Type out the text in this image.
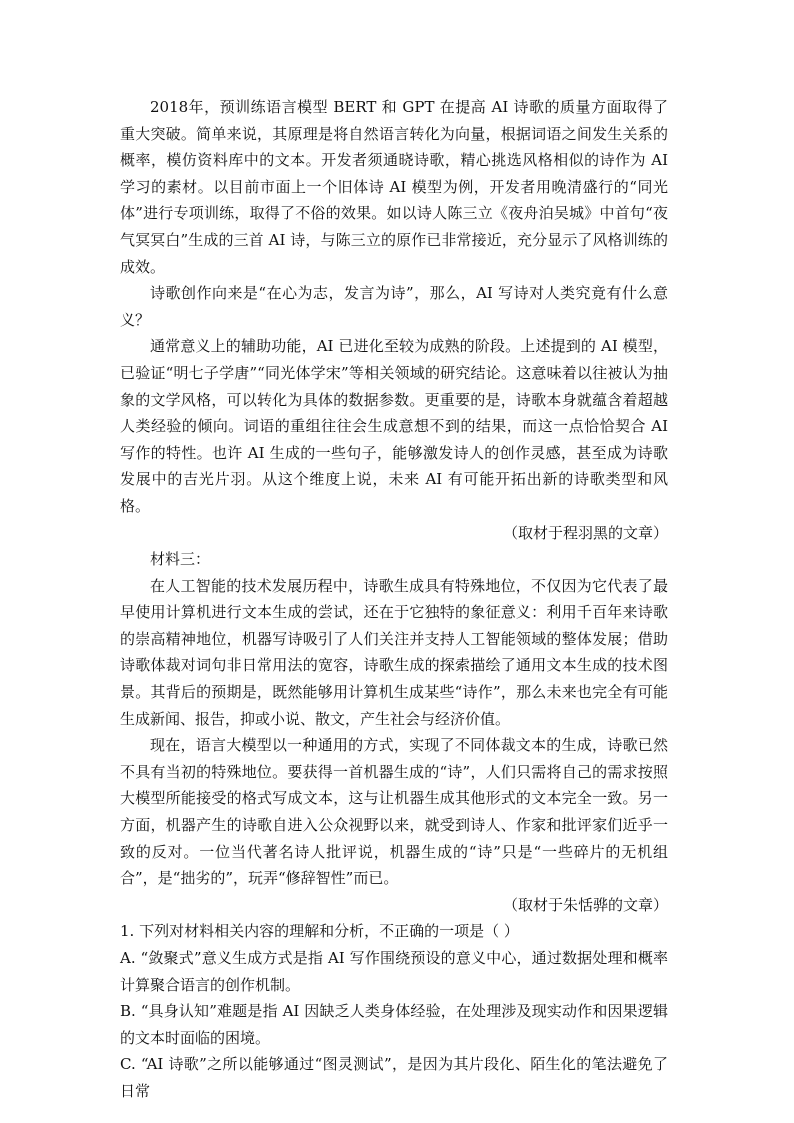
2018年，预训练语言模型 BERT 和 GPT 在提高 AI 诗歌的质量方面取得了重大突破。简单来说，其原理是将自然语言转化为向量，根据词语之间发生关系的概率，模仿资料库中的文本。开发者须通晓诗歌，精心挑选风格相似的诗作为 AI 学习的素材。以目前市面上一个旧体诗 AI 模型为例，开发者用晚清盛行的“同光体”进行专项训练，取得了不俗的效果。如以诗人陈三立《夜舟泊吴城》中首句“夜气冥冥白”生成的三首 AI 诗，与陈三立的原作已非常接近，充分显示了风格训练的成效。

诗歌创作向来是“在心为志，发言为诗”，那么，AI 写诗对人类究竟有什么意义？

通常意义上的辅助功能，AI 已进化至较为成熟的阶段。上述提到的 AI 模型，已验证“明七子学唐”“同光体学宋”等相关领域的研究结论。这意味着以往被认为抽象的文学风格，可以转化为具体的数据参数。更重要的是，诗歌本身就蕴含着超越人类经验的倾向。词语的重组往往会生成意想不到的结果，而这一点恰恰契合 AI 写作的特性。也许 AI 生成的一些句子，能够激发诗人的创作灵感，甚至成为诗歌发展中的吉光片羽。从这个维度上说，未来 AI 有可能开拓出新的诗歌类型和风格。

（取材于程羽黑的文章）

材料三：

在人工智能的技术发展历程中，诗歌生成具有特殊地位，不仅因为它代表了最早使用计算机进行文本生成的尝试，还在于它独特的象征意义：利用千百年来诗歌的崇高精神地位，机器写诗吸引了人们关注并支持人工智能领域的整体发展；借助诗歌体裁对词句非日常用法的宽容，诗歌生成的探索描绘了通用文本生成的技术图景。其背后的预期是，既然能够用计算机生成某些“诗作”，那么未来也完全有可能生成新闻、报告，抑或小说、散文，产生社会与经济价值。

现在，语言大模型以一种通用的方式，实现了不同体裁文本的生成，诗歌已然不具有当初的特殊地位。要获得一首机器生成的“诗”，人们只需将自己的需求按照大模型所能接受的格式写成文本，这与让机器生成其他形式的文本完全一致。另一方面，机器产生的诗歌自进入公众视野以来，就受到诗人、作家和批评家们近乎一致的反对。一位当代著名诗人批评说，机器生成的“诗”只是“一些碎片的无机组合”，是“拙劣的”，玩弄“修辞智性”而已。

（取材于朱恬骅的文章）

1. 下列对材料相关内容的理解和分析，不正确的一项是（ ）

A. “敛聚式”意义生成方式是指 AI 写作围绕预设的意义中心，通过数据处理和概率计算聚合语言的创作机制。

B. “具身认知”难题是指 AI 因缺乏人类身体经验，在处理涉及现实动作和因果逻辑的文本时面临的困境。

C. “AI 诗歌”之所以能够通过“图灵测试”，是因为其片段化、陌生化的笔法避免了日常
